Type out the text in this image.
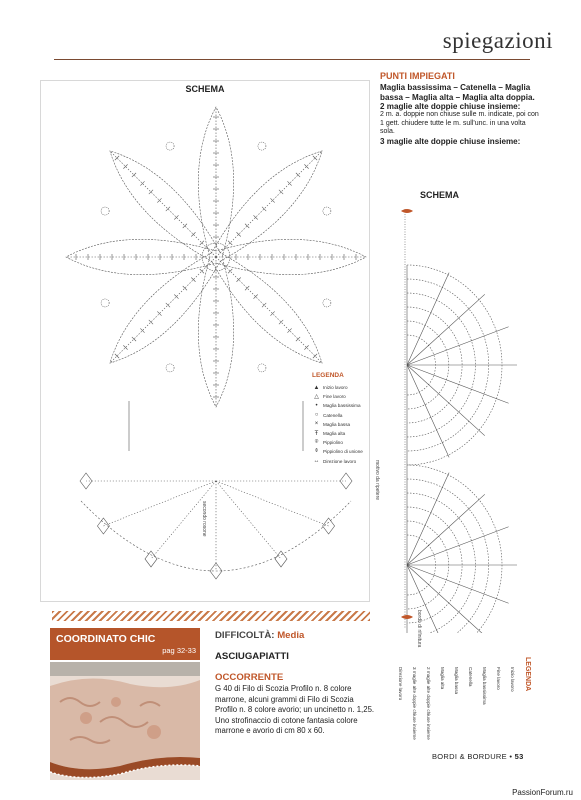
spiegazioni
SCHEMA
secondo rosone
LEGENDA
▲ Inizio lavoro
△ Fine lavoro
•	Maglia bassissima
○	Catenella
×	Maglia bassa
Ŧ	Maglia alta
⌾	Pippiolino
⌽	Pippiolino di unione
↔ Direzione lavoro
PUNTI IMPIEGATI
Maglia bassissima – Catenella – Maglia bassa – Maglia alta – Maglia alta doppia.
2 maglie alte doppie chiuse insieme:
2 m. a. doppie non chiuse sulle m. indicate, poi con 1 gett. chiudere tutte le m. sull'unc. in una volta sola.
3 maglie alte doppie chiuse insieme:
SCHEMA
motivo da ripetere
bordo di rifinitura
LEGENDA
Inizio lavoro
Fine lavoro
Maglia bassissima
Catenella
Maglia bassa
Maglia alta
2 maglie alte doppie chiuse insieme
3 maglie alte doppie chiuse insieme
Direzione lavoro
COORDINATO CHIC
pag 32-33
DIFFICOLTÀ: Media
ASCIUGAPIATTI
OCCORRENTE
G 40 di Filo di Scozia Profilo n. 8 colore marrone, alcuni grammi di Filo di Scozia Profilo n. 8 colore avorio; un uncinetto n. 1,25. Uno strofinaccio di cotone fantasia colore marrone e avorio di cm 80 x 60.
BORDI & BORDURE • 53
PassionForum.ru
